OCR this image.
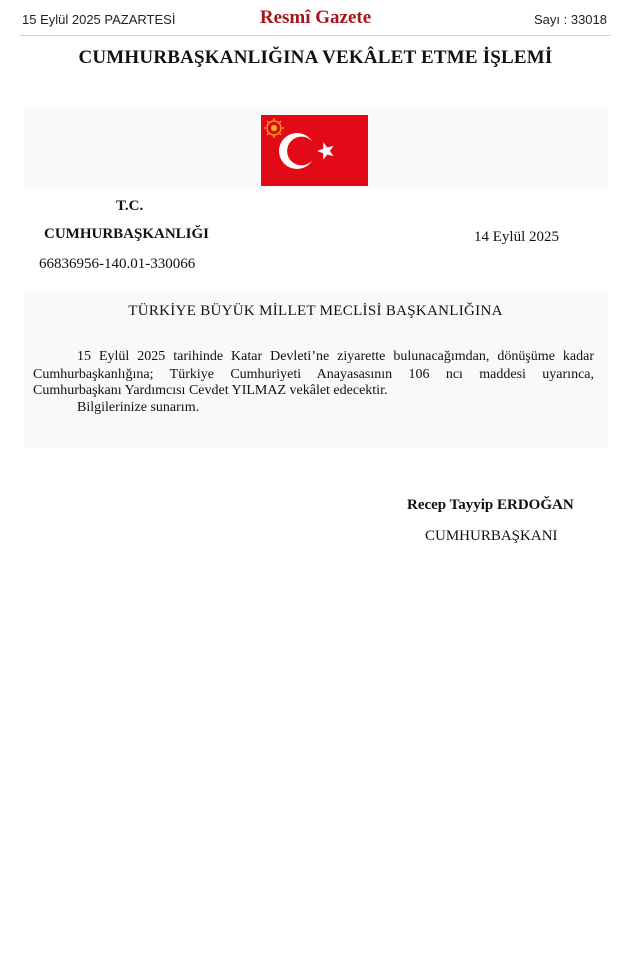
15 Eylül 2025 PAZARTESİ	Resmî Gazete	Sayı : 33018
CUMHURBAŞKANLIĞINA VEKÂLET ETME İŞLEMİ
T.C.
CUMHURBAŞKANLIĞI	14 Eylül 2025
66836956-140.01-330066
TÜRKİYE BÜYÜK MİLLET MECLİSİ BAŞKANLIĞINA
15 Eylül 2025 tarihinde Katar Devleti’ne ziyarette bulunacağımdan, dönüşüme kadar
Cumhurbaşkanlığına; Türkiye Cumhuriyeti Anayasasının 106 ncı maddesi uyarınca,
Cumhurbaşkanı Yardımcısı Cevdet YILMAZ vekâlet edecektir.
Bilgilerinize sunarım.
Recep Tayyip ERDOĞAN
CUMHURBAŞKANI
